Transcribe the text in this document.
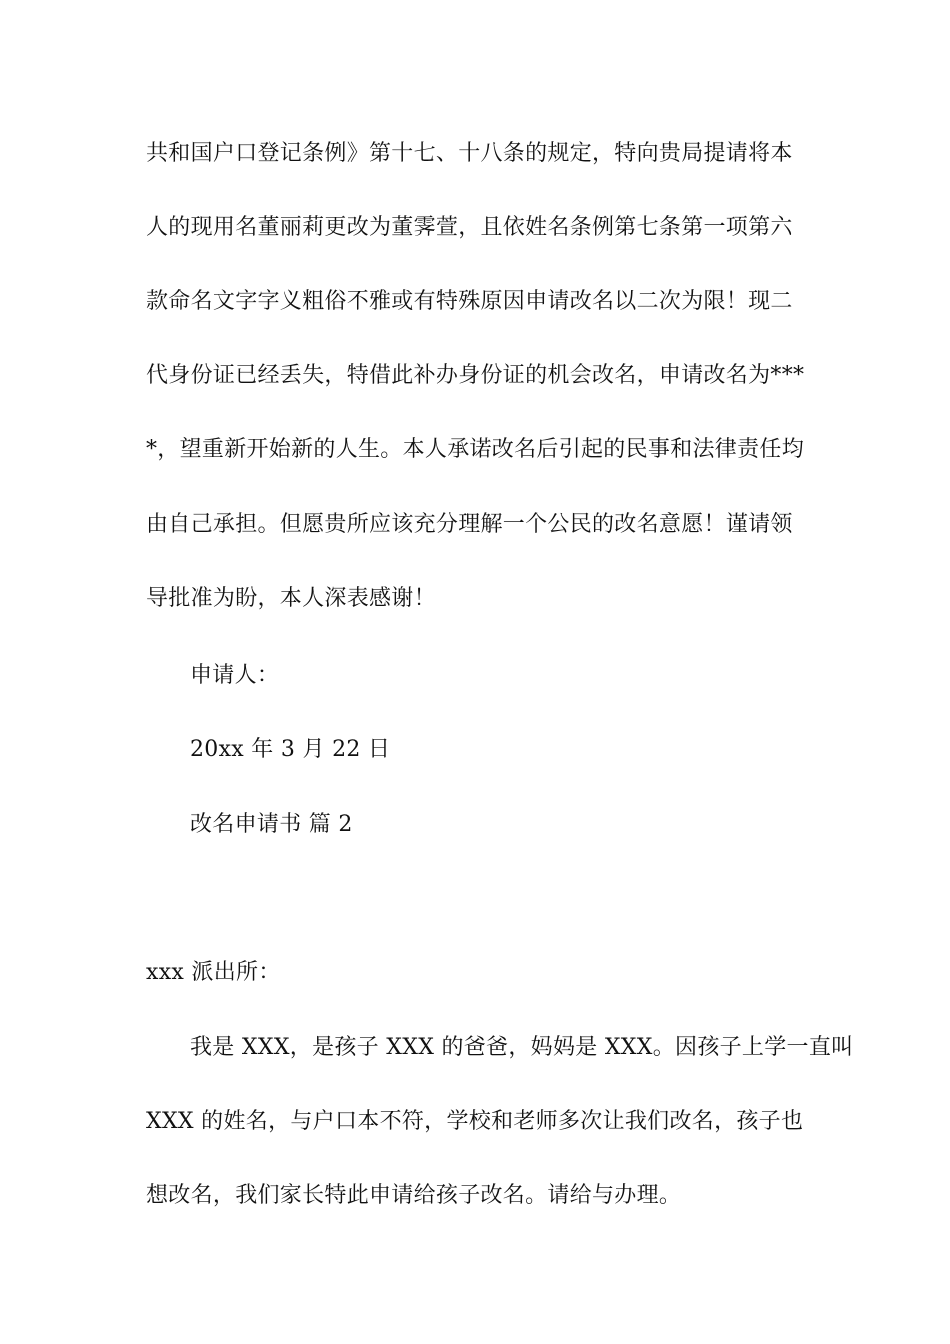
共和国户口登记条例》第十七、十八条的规定，特向贵局提请将本
人的现用名董丽莉更改为董霁萱，且依姓名条例第七条第一项第六
款命名文字字义粗俗不雅或有特殊原因申请改名以二次为限！现二
代身份证已经丢失，特借此补办身份证的机会改名，申请改名为***
*，望重新开始新的人生。本人承诺改名后引起的民事和法律责任均
由自己承担。但愿贵所应该充分理解一个公民的改名意愿！谨请领
导批准为盼，本人深表感谢！
申请人：
20xx 年 3 月 22 日
改名申请书 篇 2
xxx 派出所：
我是 XXX，是孩子 XXX 的爸爸，妈妈是 XXX。因孩子上学一直叫
XXX 的姓名，与户口本不符，学校和老师多次让我们改名，孩子也
想改名，我们家长特此申请给孩子改名。请给与办理。
